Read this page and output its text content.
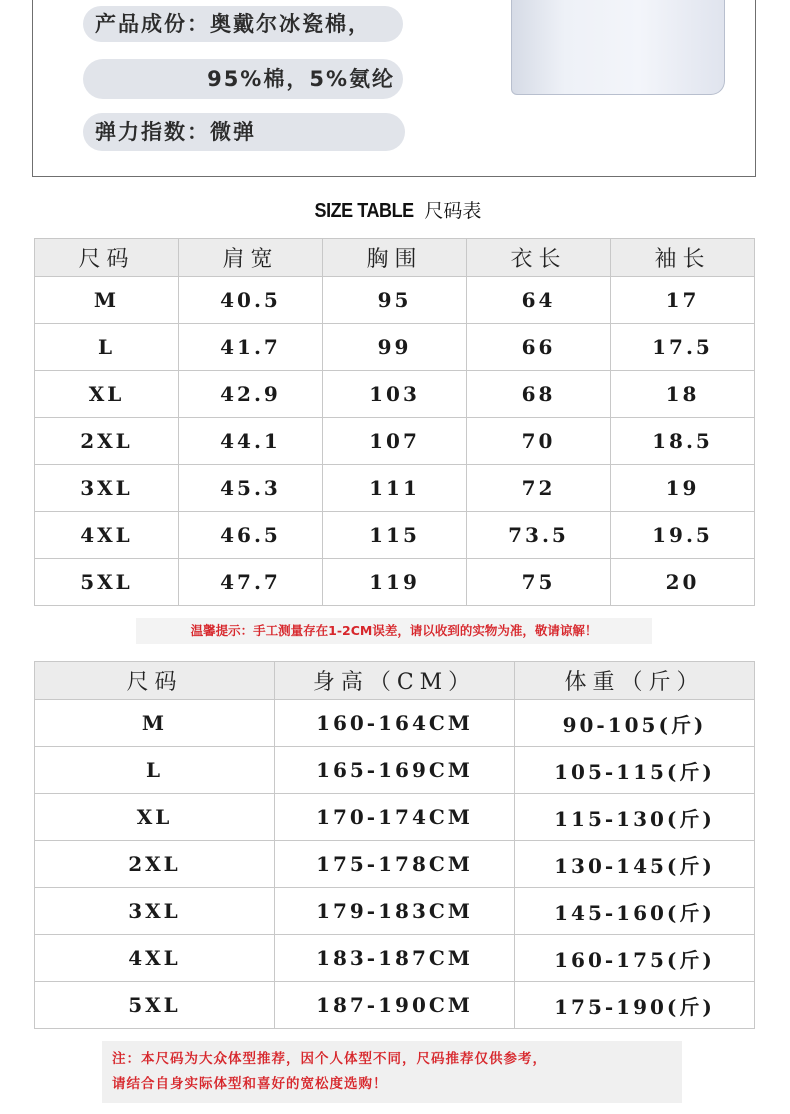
产品成份：奥戴尔冰瓷棉，
95%棉，5%氨纶
弹力指数：微弹
SIZE TABLE 尺码表
尺码	肩宽	胸围	衣长	袖长
M	40.5	95	64	17
L	41.7	99	66	17.5
XL	42.9	103	68	18
2XL	44.1	107	70	18.5
3XL	45.3	111	72	19
4XL	46.5	115	73.5	19.5
5XL	47.7	119	75	20
温馨提示：手工测量存在1-2CM误差，请以收到的实物为准，敬请谅解！
尺码	身高（CM）	体重（斤）
M	160-164CM	90-105(斤)
L	165-169CM	105-115(斤)
XL	170-174CM	115-130(斤)
2XL	175-178CM	130-145(斤)
3XL	179-183CM	145-160(斤)
4XL	183-187CM	160-175(斤)
5XL	187-190CM	175-190(斤)
注：本尺码为大众体型推荐，因个人体型不同，尺码推荐仅供参考，
请结合自身实际体型和喜好的宽松度选购！
